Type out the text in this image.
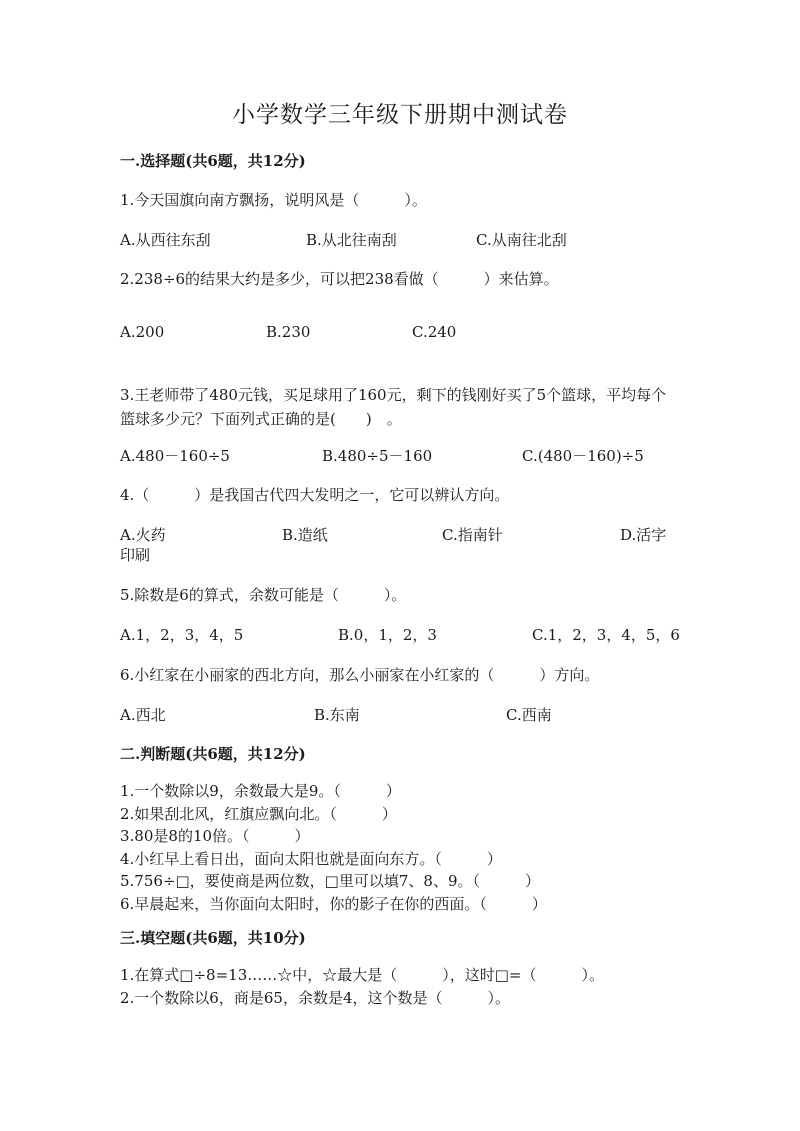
小学数学三年级下册期中测试卷
一.选择题(共6题，共12分)
1.今天国旗向南方飘扬，说明风是（　　　）。
A.从西往东刮	B.从北往南刮	C.从南往北刮
2.238÷6的结果大约是多少，可以把238看做（　　　）来估算。
A.200	B.230	C.240
3.王老师带了480元钱，买足球用了160元，剩下的钱刚好买了5个篮球，平均每个篮球多少元？下面列式正确的是(　　)　。
A.480－160÷5	B.480÷5－160	C.(480－160)÷5
4.（　　　）是我国古代四大发明之一，它可以辨认方向。
A.火药	B.造纸	C.指南针	D.活字
印刷
5.除数是6的算式，余数可能是（　　　）。
A.1，2，3，4，5	B.0，1，2，3	C.1，2，3，4，5，6
6.小红家在小丽家的西北方向，那么小丽家在小红家的（　　　）方向。
A.西北	B.东南	C.西南
二.判断题(共6题，共12分)
1.一个数除以9，余数最大是9。（　　　）
2.如果刮北风，红旗应飘向北。（　　　）
3.80是8的10倍。（　　　）
4.小红早上看日出，面向太阳也就是面向东方。（　　　）
5.756÷□，要使商是两位数，□里可以填7、8、9。（　　　）
6.早晨起来，当你面向太阳时，你的影子在你的西面。（　　　）
三.填空题(共6题，共10分)
1.在算式□÷8=13……☆中，☆最大是（　　　），这时□=（　　　）。
2.一个数除以6，商是65，余数是4，这个数是（　　　）。
